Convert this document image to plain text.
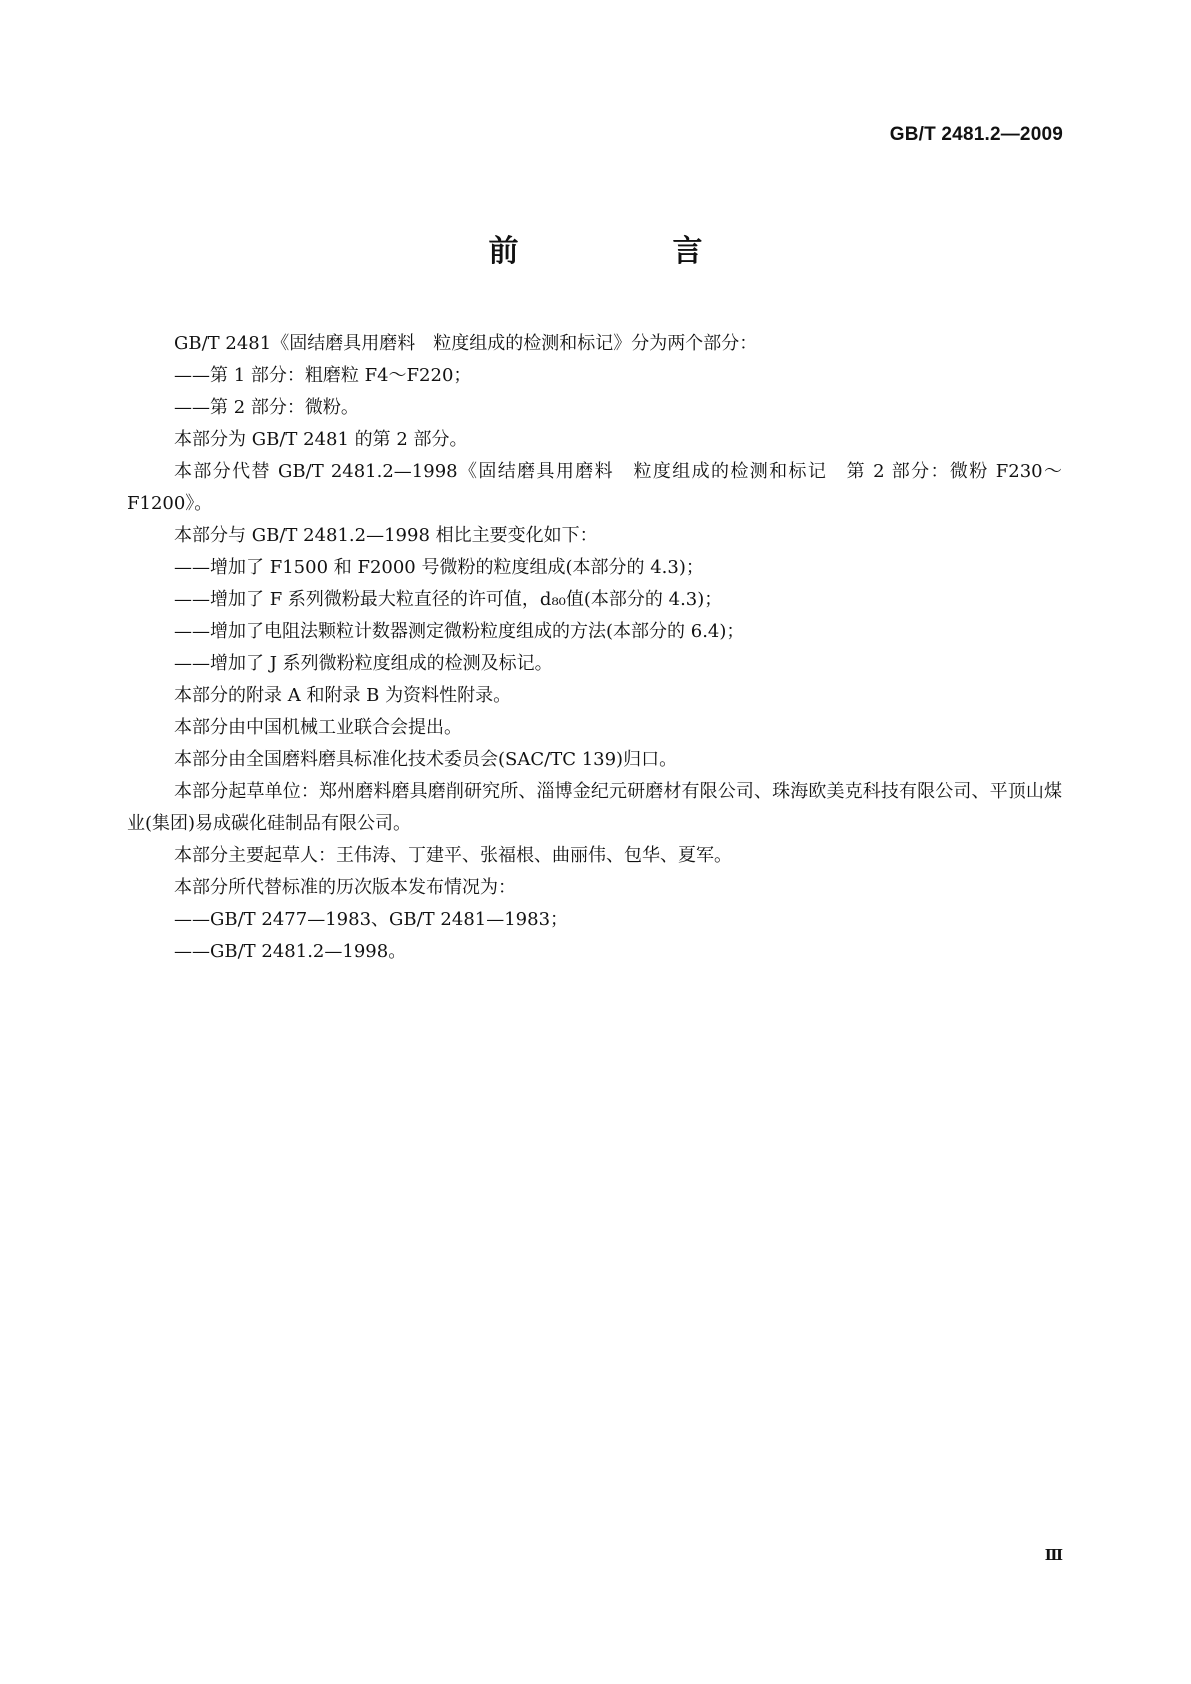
GB/T 2481.2—2009
前　言

GB/T 2481《固结磨具用磨料　粒度组成的检测和标记》分为两个部分：

——第 1 部分：粗磨粒 F4～F220；

——第 2 部分：微粉。

本部分为 GB/T 2481 的第 2 部分。

本部分代替 GB/T 2481.2—1998《固结磨具用磨料　粒度组成的检测和标记　第 2 部分：微粉 F230～F1200》。

本部分与 GB/T 2481.2—1998 相比主要变化如下：

——增加了 F1500 和 F2000 号微粉的粒度组成(本部分的 4.3)；

——增加了 F 系列微粉最大粒直径的许可值，d₈₀值(本部分的 4.3)；

——增加了电阻法颗粒计数器测定微粉粒度组成的方法(本部分的 6.4)；

——增加了 J 系列微粉粒度组成的检测及标记。

本部分的附录 A 和附录 B 为资料性附录。

本部分由中国机械工业联合会提出。

本部分由全国磨料磨具标准化技术委员会(SAC/TC 139)归口。

本部分起草单位：郑州磨料磨具磨削研究所、淄博金纪元研磨材有限公司、珠海欧美克科技有限公司、平顶山煤业(集团)易成碳化硅制品有限公司。

本部分主要起草人：王伟涛、丁建平、张福根、曲丽伟、包华、夏军。

本部分所代替标准的历次版本发布情况为：

——GB/T 2477—1983、GB/T 2481—1983；

——GB/T 2481.2—1998。

Ⅲ
